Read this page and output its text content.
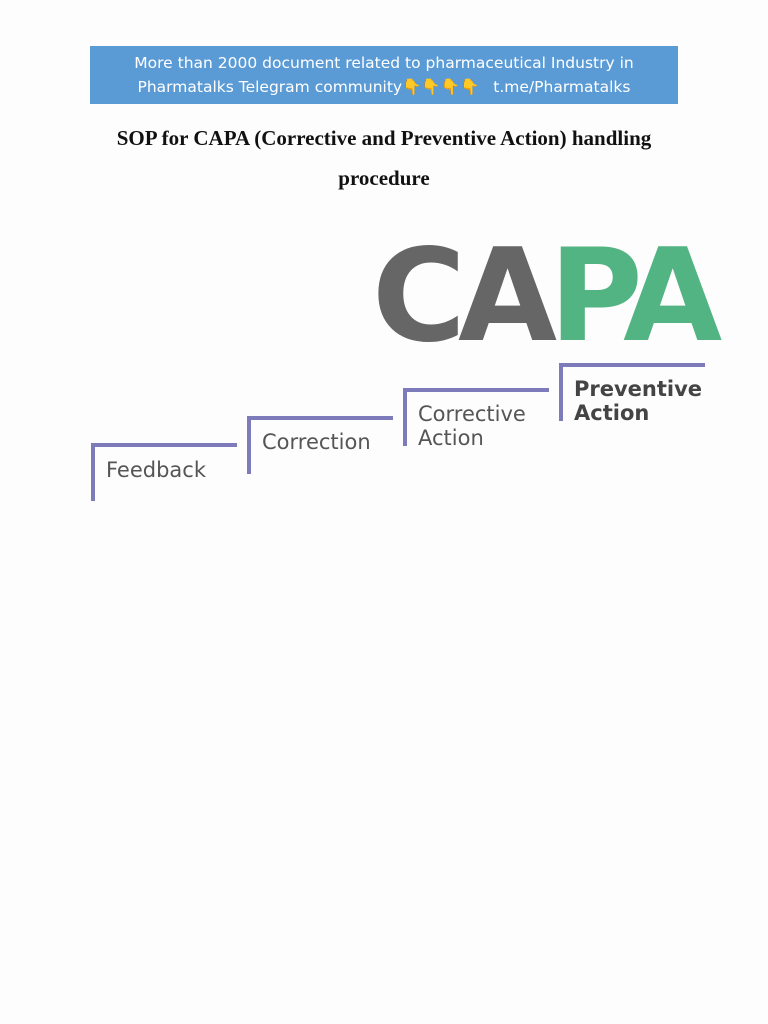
More than 2000 document related to pharmaceutical Industry in
Pharmatalks Telegram community👇👇👇👇 t.me/Pharmatalks
SOP for CAPA (Corrective and Preventive Action) handling
procedure
CAPA
Feedback
Correction
Corrective
Action
Preventive
Action
